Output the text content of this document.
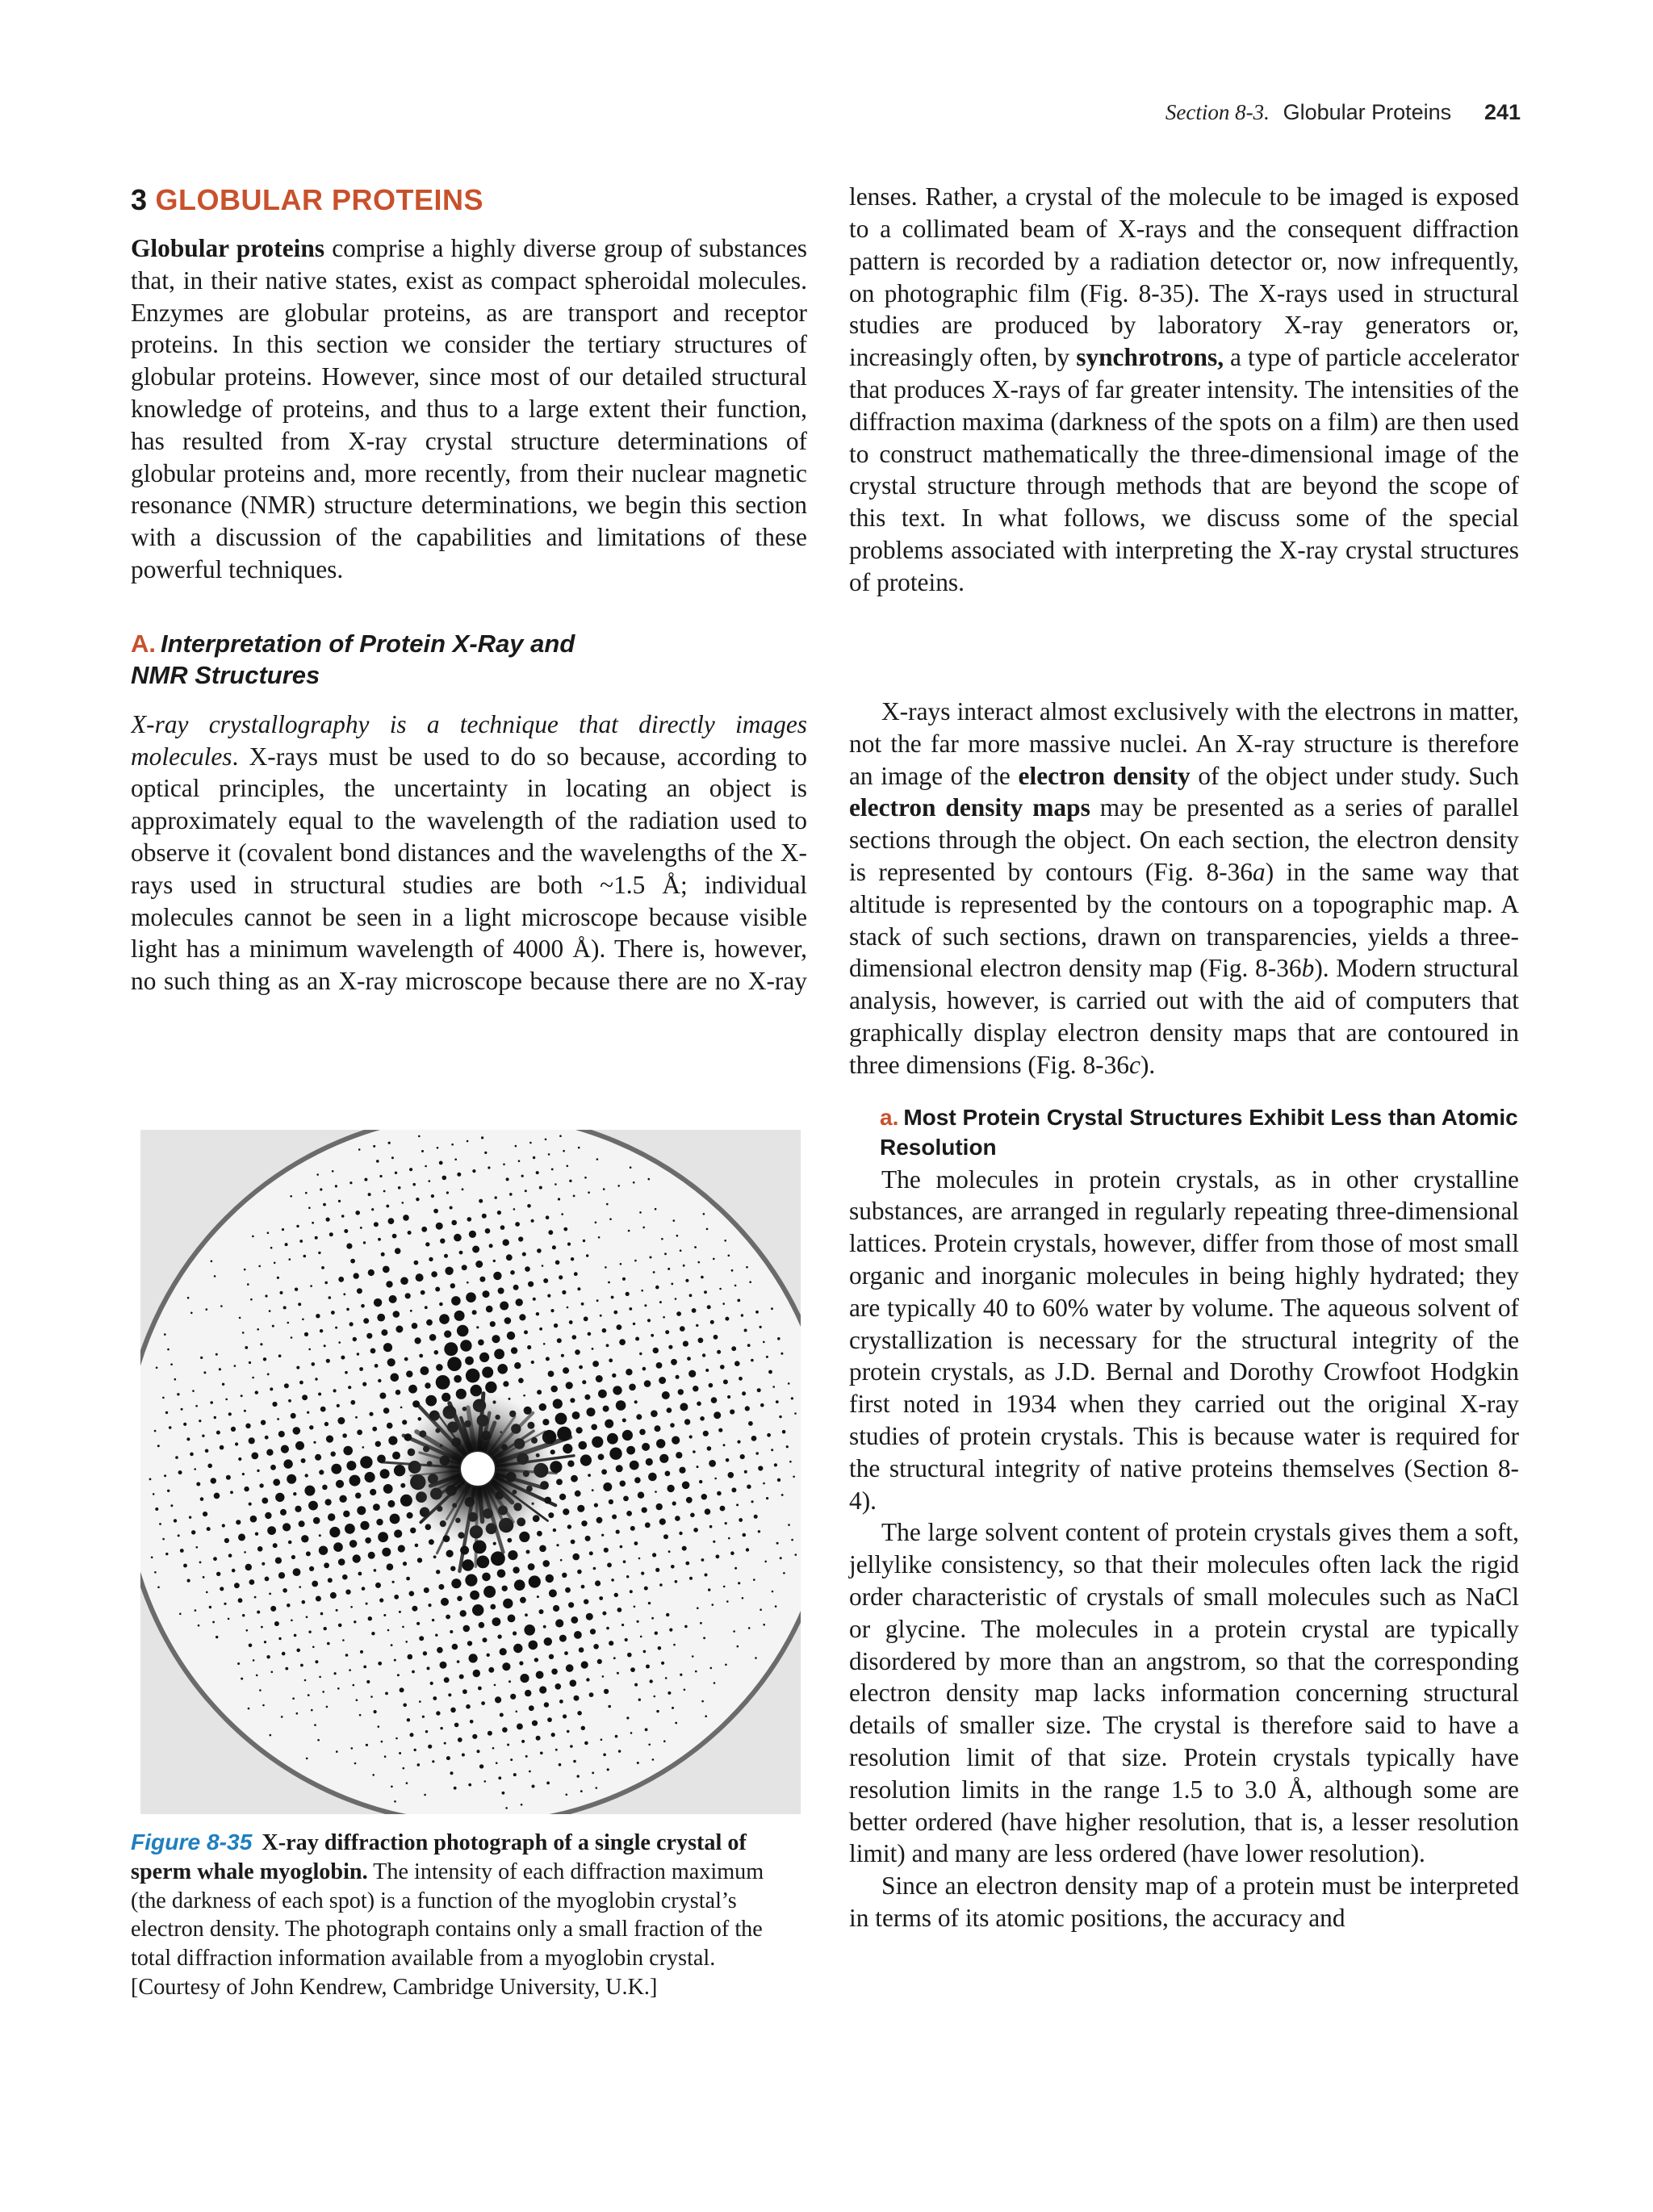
Section 8-3. Globular Proteins 241
3 GLOBULAR PROTEINS

Globular proteins comprise a highly diverse group of substances that, in their native states, exist as compact spheroidal molecules. Enzymes are globular proteins, as are transport and receptor proteins. In this section we consider the tertiary structures of globular proteins. However, since most of our detailed structural knowledge of proteins, and thus to a large extent their function, has resulted from X-ray crystal structure determinations of globular proteins and, more recently, from their nuclear magnetic resonance (NMR) structure determinations, we begin this section with a discussion of the capabilities and limitations of these powerful techniques.

A. Interpretation of Protein X-Ray and NMR Structures

X-ray crystallography is a technique that directly images molecules. X-rays must be used to do so because, according to optical principles, the uncertainty in locating an object is approximately equal to the wavelength of the radiation used to observe it (covalent bond distances and the wavelengths of the X-rays used in structural studies are both ~1.5 Å; individual molecules cannot be seen in a light microscope because visible light has a minimum wavelength of 4000 Å). There is, however, no such thing as an X-ray microscope because there are no X-ray

Figure 8-35 X-ray diffraction photograph of a single crystal of sperm whale myoglobin. The intensity of each diffraction maximum (the darkness of each spot) is a function of the myoglobin crystal’s electron density. The photograph contains only a small fraction of the total diffraction information available from a myoglobin crystal. [Courtesy of John Kendrew, Cambridge University, U.K.]

lenses. Rather, a crystal of the molecule to be imaged is exposed to a collimated beam of X-rays and the consequent diffraction pattern is recorded by a radiation detector or, now infrequently, on photographic film (Fig. 8-35). The X-rays used in structural studies are produced by laboratory X-ray generators or, increasingly often, by synchrotrons, a type of particle accelerator that produces X-rays of far greater intensity. The intensities of the diffraction maxima (darkness of the spots on a film) are then used to construct mathematically the three-dimensional image of the crystal structure through methods that are beyond the scope of this text. In what follows, we discuss some of the special problems associated with interpreting the X-ray crystal structures of proteins.

X-rays interact almost exclusively with the electrons in matter, not the far more massive nuclei. An X-ray structure is therefore an image of the electron density of the object under study. Such electron density maps may be presented as a series of parallel sections through the object. On each section, the electron density is represented by contours (Fig. 8-36a) in the same way that altitude is represented by the contours on a topographic map. A stack of such sections, drawn on transparencies, yields a three-dimensional electron density map (Fig. 8-36b). Modern structural analysis, however, is carried out with the aid of computers that graphically display electron density maps that are contoured in three dimensions (Fig. 8-36c).

a. Most Protein Crystal Structures Exhibit Less than Atomic Resolution

The molecules in protein crystals, as in other crystalline substances, are arranged in regularly repeating three-dimensional lattices. Protein crystals, however, differ from those of most small organic and inorganic molecules in being highly hydrated; they are typically 40 to 60% water by volume. The aqueous solvent of crystallization is necessary for the structural integrity of the protein crystals, as J.D. Bernal and Dorothy Crowfoot Hodgkin first noted in 1934 when they carried out the original X-ray studies of protein crystals. This is because water is required for the structural integrity of native proteins themselves (Section 8-4).

The large solvent content of protein crystals gives them a soft, jellylike consistency, so that their molecules often lack the rigid order characteristic of crystals of small molecules such as NaCl or glycine. The molecules in a protein crystal are typically disordered by more than an angstrom, so that the corresponding electron density map lacks information concerning structural details of smaller size. The crystal is therefore said to have a resolution limit of that size. Protein crystals typically have resolution limits in the range 1.5 to 3.0 Å, although some are better ordered (have higher resolution, that is, a lesser resolution limit) and many are less ordered (have lower resolution).

Since an electron density map of a protein must be interpreted in terms of its atomic positions, the accuracy and
